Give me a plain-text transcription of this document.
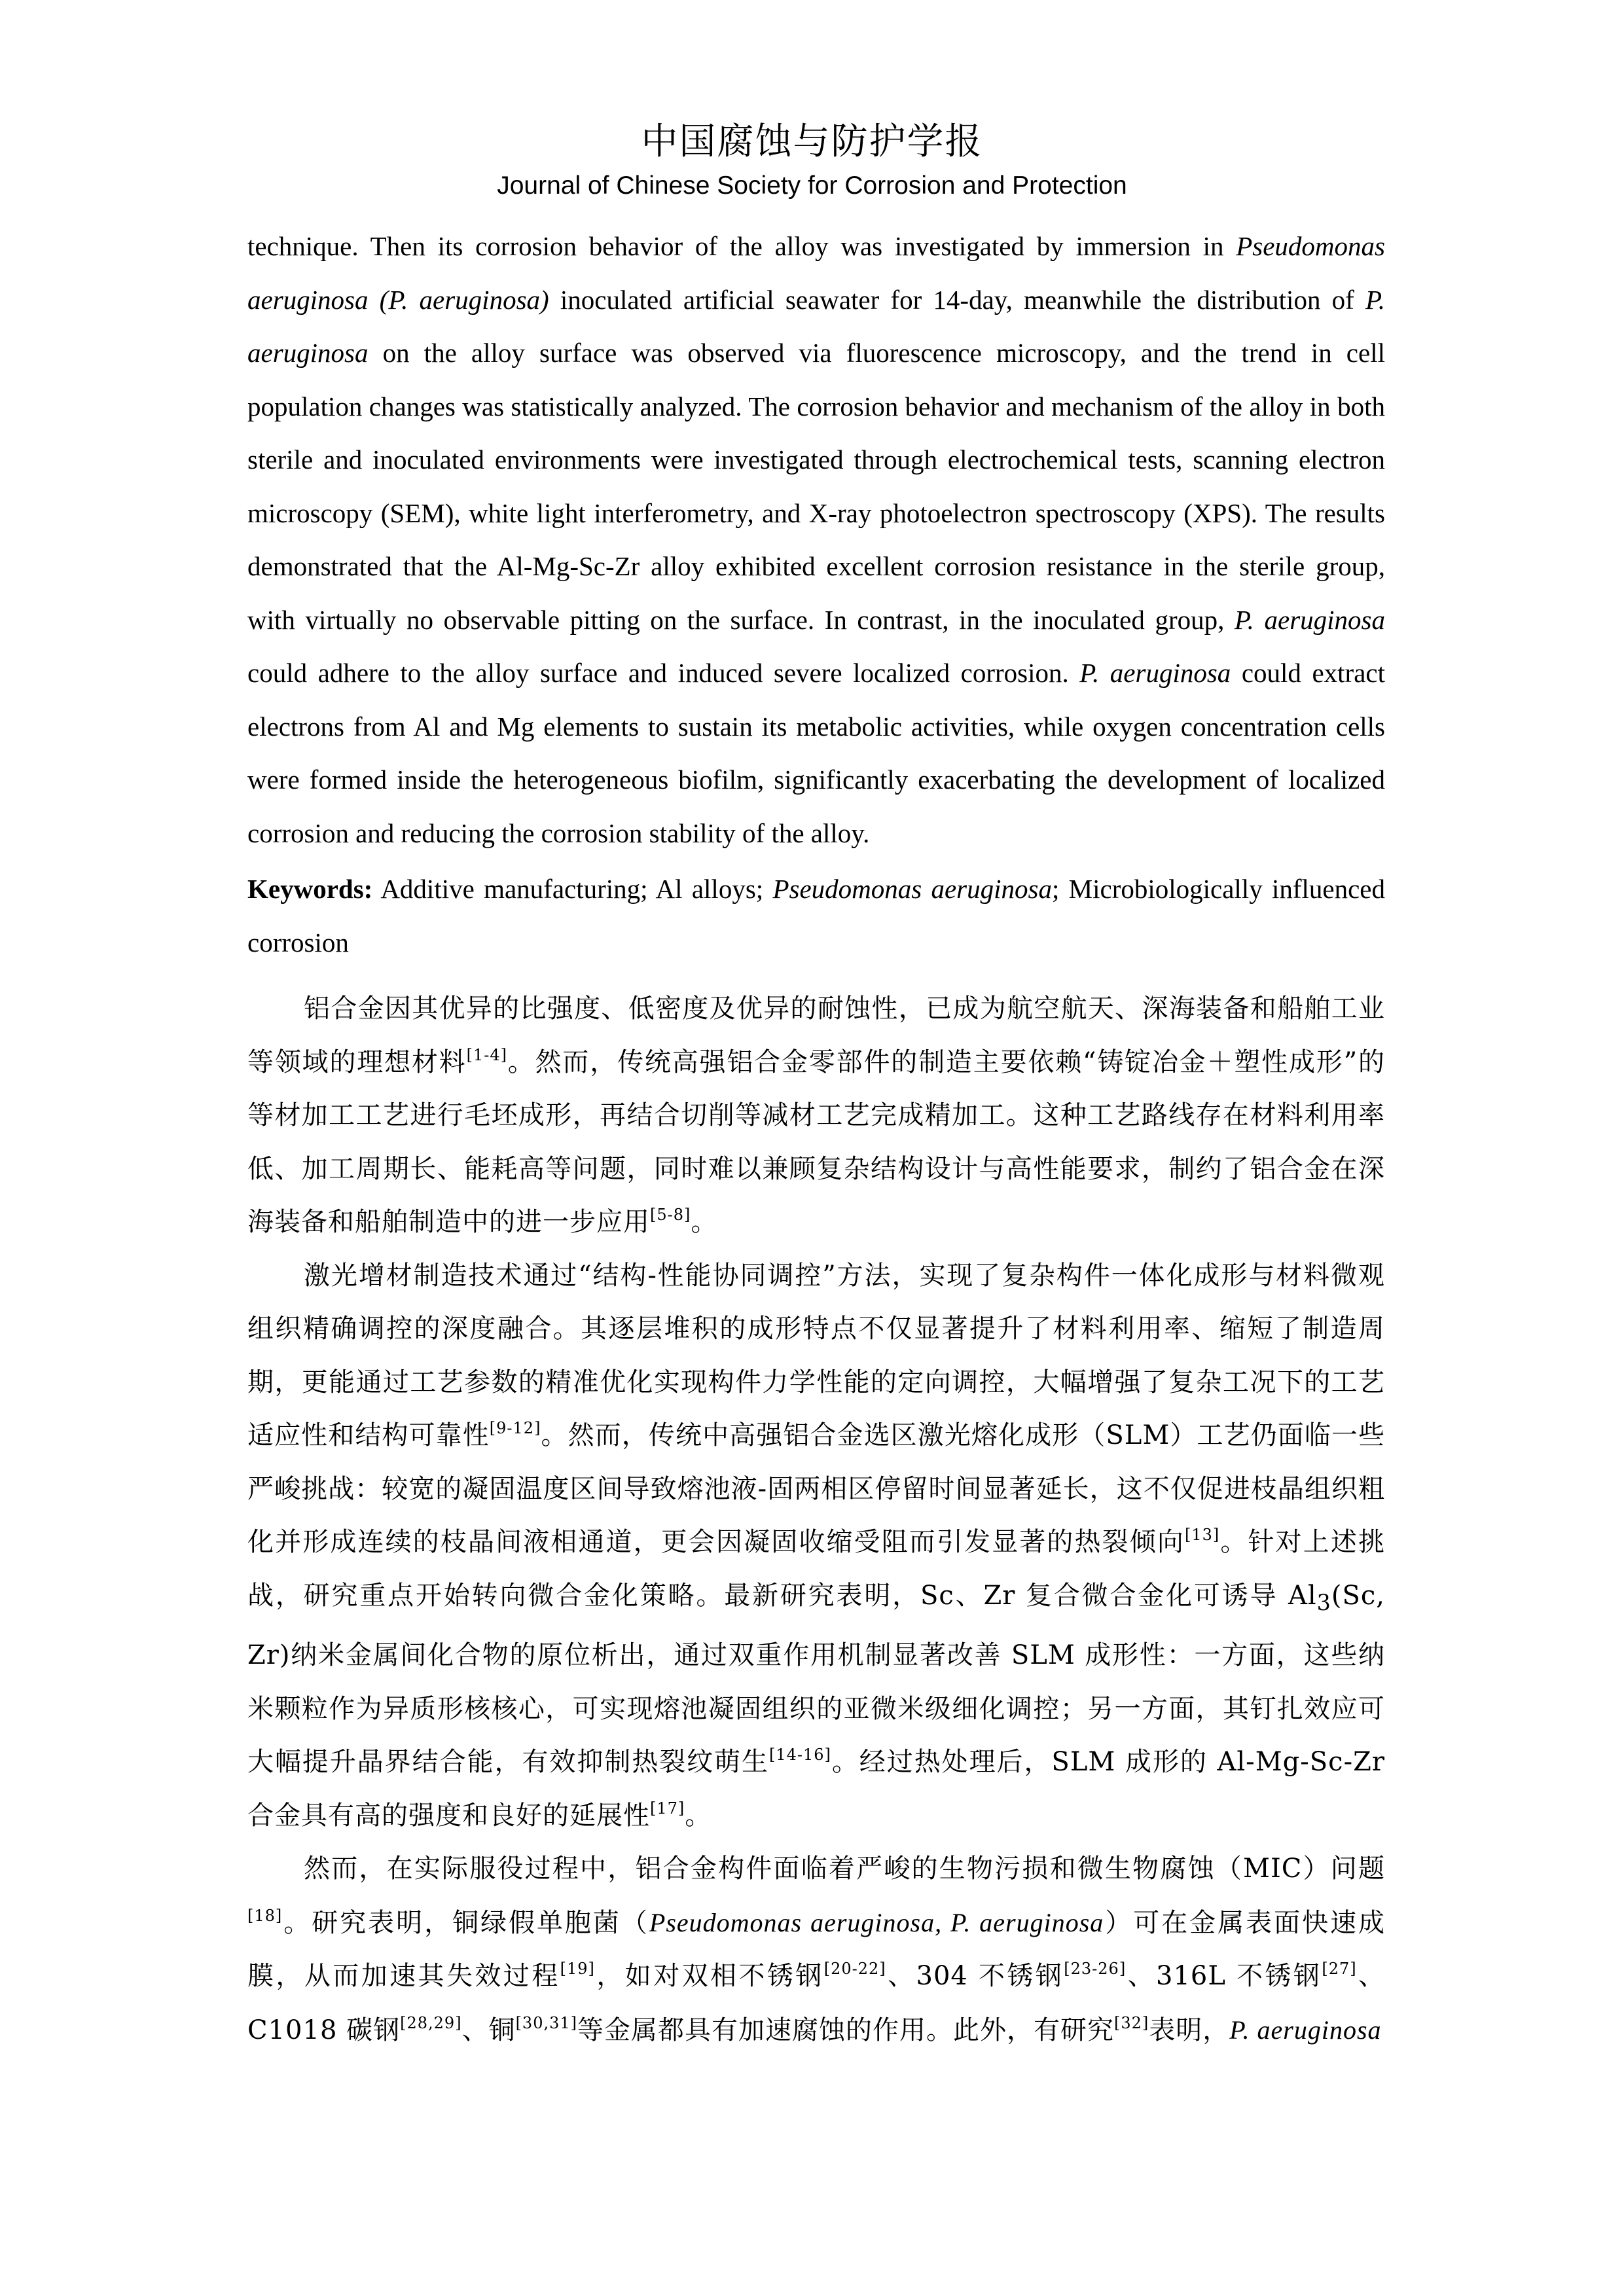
中国腐蚀与防护学报
Journal of Chinese Society for Corrosion and Protection

technique. Then its corrosion behavior of the alloy was investigated by immersion in Pseudomonas aeruginosa (P. aeruginosa) inoculated artificial seawater for 14-day, meanwhile the distribution of P. aeruginosa on the alloy surface was observed via fluorescence microscopy, and the trend in cell population changes was statistically analyzed. The corrosion behavior and mechanism of the alloy in both sterile and inoculated environments were investigated through electrochemical tests, scanning electron microscopy (SEM), white light interferometry, and X-ray photoelectron spectroscopy (XPS). The results demonstrated that the Al-Mg-Sc-Zr alloy exhibited excellent corrosion resistance in the sterile group, with virtually no observable pitting on the surface. In contrast, in the inoculated group, P. aeruginosa could adhere to the alloy surface and induced severe localized corrosion. P. aeruginosa could extract electrons from Al and Mg elements to sustain its metabolic activities, while oxygen concentration cells were formed inside the heterogeneous biofilm, significantly exacerbating the development of localized corrosion and reducing the corrosion stability of the alloy.

Keywords: Additive manufacturing; Al alloys; Pseudomonas aeruginosa; Microbiologically influenced corrosion

铝合金因其优异的比强度、低密度及优异的耐蚀性，已成为航空航天、深海装备和船舶工业等领域的理想材料[1-4]。然而，传统高强铝合金零部件的制造主要依赖“铸锭冶金＋塑性成形”的等材加工工艺进行毛坯成形，再结合切削等减材工艺完成精加工。这种工艺路线存在材料利用率低、加工周期长、能耗高等问题，同时难以兼顾复杂结构设计与高性能要求，制约了铝合金在深海装备和船舶制造中的进一步应用[5-8]。

激光增材制造技术通过“结构-性能协同调控”方法，实现了复杂构件一体化成形与材料微观组织精确调控的深度融合。其逐层堆积的成形特点不仅显著提升了材料利用率、缩短了制造周期，更能通过工艺参数的精准优化实现构件力学性能的定向调控，大幅增强了复杂工况下的工艺适应性和结构可靠性[9-12]。然而，传统中高强铝合金选区激光熔化成形（SLM）工艺仍面临一些严峻挑战：较宽的凝固温度区间导致熔池液-固两相区停留时间显著延长，这不仅促进枝晶组织粗化并形成连续的枝晶间液相通道，更会因凝固收缩受阻而引发显著的热裂倾向[13]。针对上述挑战，研究重点开始转向微合金化策略。最新研究表明，Sc、Zr 复合微合金化可诱导 $Al_3(Sc$, Zr)纳米金属间化合物的原位析出，通过双重作用机制显著改善 SLM 成形性：一方面，这些纳米颗粒作为异质形核核心，可实现熔池凝固组织的亚微米级细化调控；另一方面，其钉扎效应可大幅提升晶界结合能，有效抑制热裂纹萌生[14-16]。经过热处理后，SLM 成形的 Al-Mg-Sc-Zr 合金具有高的强度和良好的延展性[17]。

然而，在实际服役过程中，铝合金构件面临着严峻的生物污损和微生物腐蚀（MIC）问题[18]。研究表明，铜绿假单胞菌（Pseudomonas aeruginosa, P. aeruginosa）可在金属表面快速成膜，从而加速其失效过程[19]，如对双相不锈钢[20-22]、304 不锈钢[23-26]、316L 不锈钢[27]、C1018 碳钢[28,29]、铜[30,31]等金属都具有加速腐蚀的作用。此外，有研究[32]表明，P. aeruginosa
